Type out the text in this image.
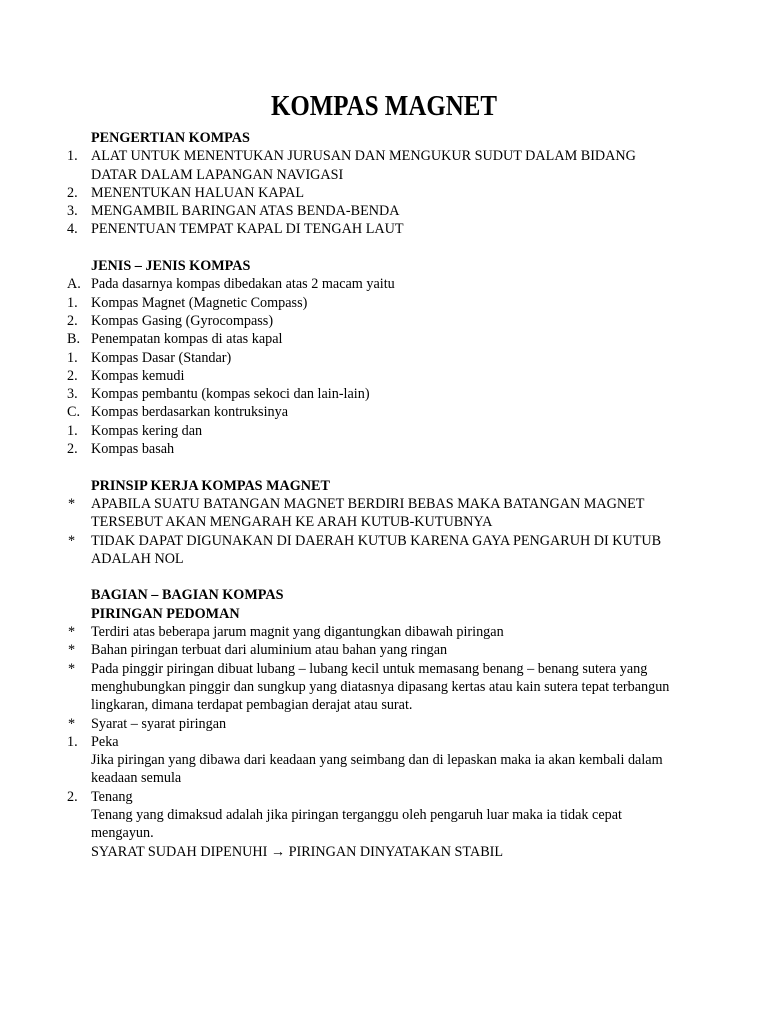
KOMPAS MAGNET
PENGERTIAN KOMPAS
1. ALAT UNTUK MENENTUKAN JURUSAN DAN MENGUKUR SUDUT DALAM BIDANG DATAR DALAM LAPANGAN NAVIGASI
2. MENENTUKAN HALUAN KAPAL
3. MENGAMBIL BARINGAN ATAS BENDA-BENDA
4. PENENTUAN TEMPAT KAPAL DI TENGAH LAUT
JENIS – JENIS KOMPAS
A. Pada dasarnya kompas dibedakan atas 2 macam yaitu
1. Kompas Magnet (Magnetic Compass)
2. Kompas Gasing (Gyrocompass)
B. Penempatan kompas di atas kapal
1. Kompas Dasar (Standar)
2. Kompas kemudi
3. Kompas pembantu (kompas sekoci dan lain-lain)
C. Kompas berdasarkan kontruksinya
1. Kompas kering dan
2. Kompas basah
PRINSIP KERJA KOMPAS MAGNET
* APABILA SUATU BATANGAN MAGNET BERDIRI BEBAS MAKA BATANGAN MAGNET TERSEBUT AKAN MENGARAH KE ARAH KUTUB-KUTUBNYA
* TIDAK DAPAT DIGUNAKAN DI DAERAH KUTUB KARENA GAYA PENGARUH DI KUTUB ADALAH NOL
BAGIAN – BAGIAN KOMPAS
PIRINGAN PEDOMAN
* Terdiri atas beberapa jarum magnit yang digantungkan dibawah piringan
* Bahan piringan terbuat dari aluminium atau bahan yang ringan
* Pada pinggir piringan dibuat lubang – lubang kecil untuk memasang benang – benang sutera yang menghubungkan pinggir dan sungkup yang diatasnya dipasang kertas atau kain sutera tepat terbangun lingkaran, dimana terdapat pembagian derajat atau surat.
* Syarat – syarat piringan
1. Peka
Jika piringan yang dibawa dari keadaan yang seimbang dan di lepaskan maka ia akan kembali dalam keadaan semula
2. Tenang
Tenang yang dimaksud adalah jika piringan terganggu oleh pengaruh luar maka ia tidak cepat mengayun.
SYARAT SUDAH DIPENUHI → PIRINGAN DINYATAKAN STABIL
